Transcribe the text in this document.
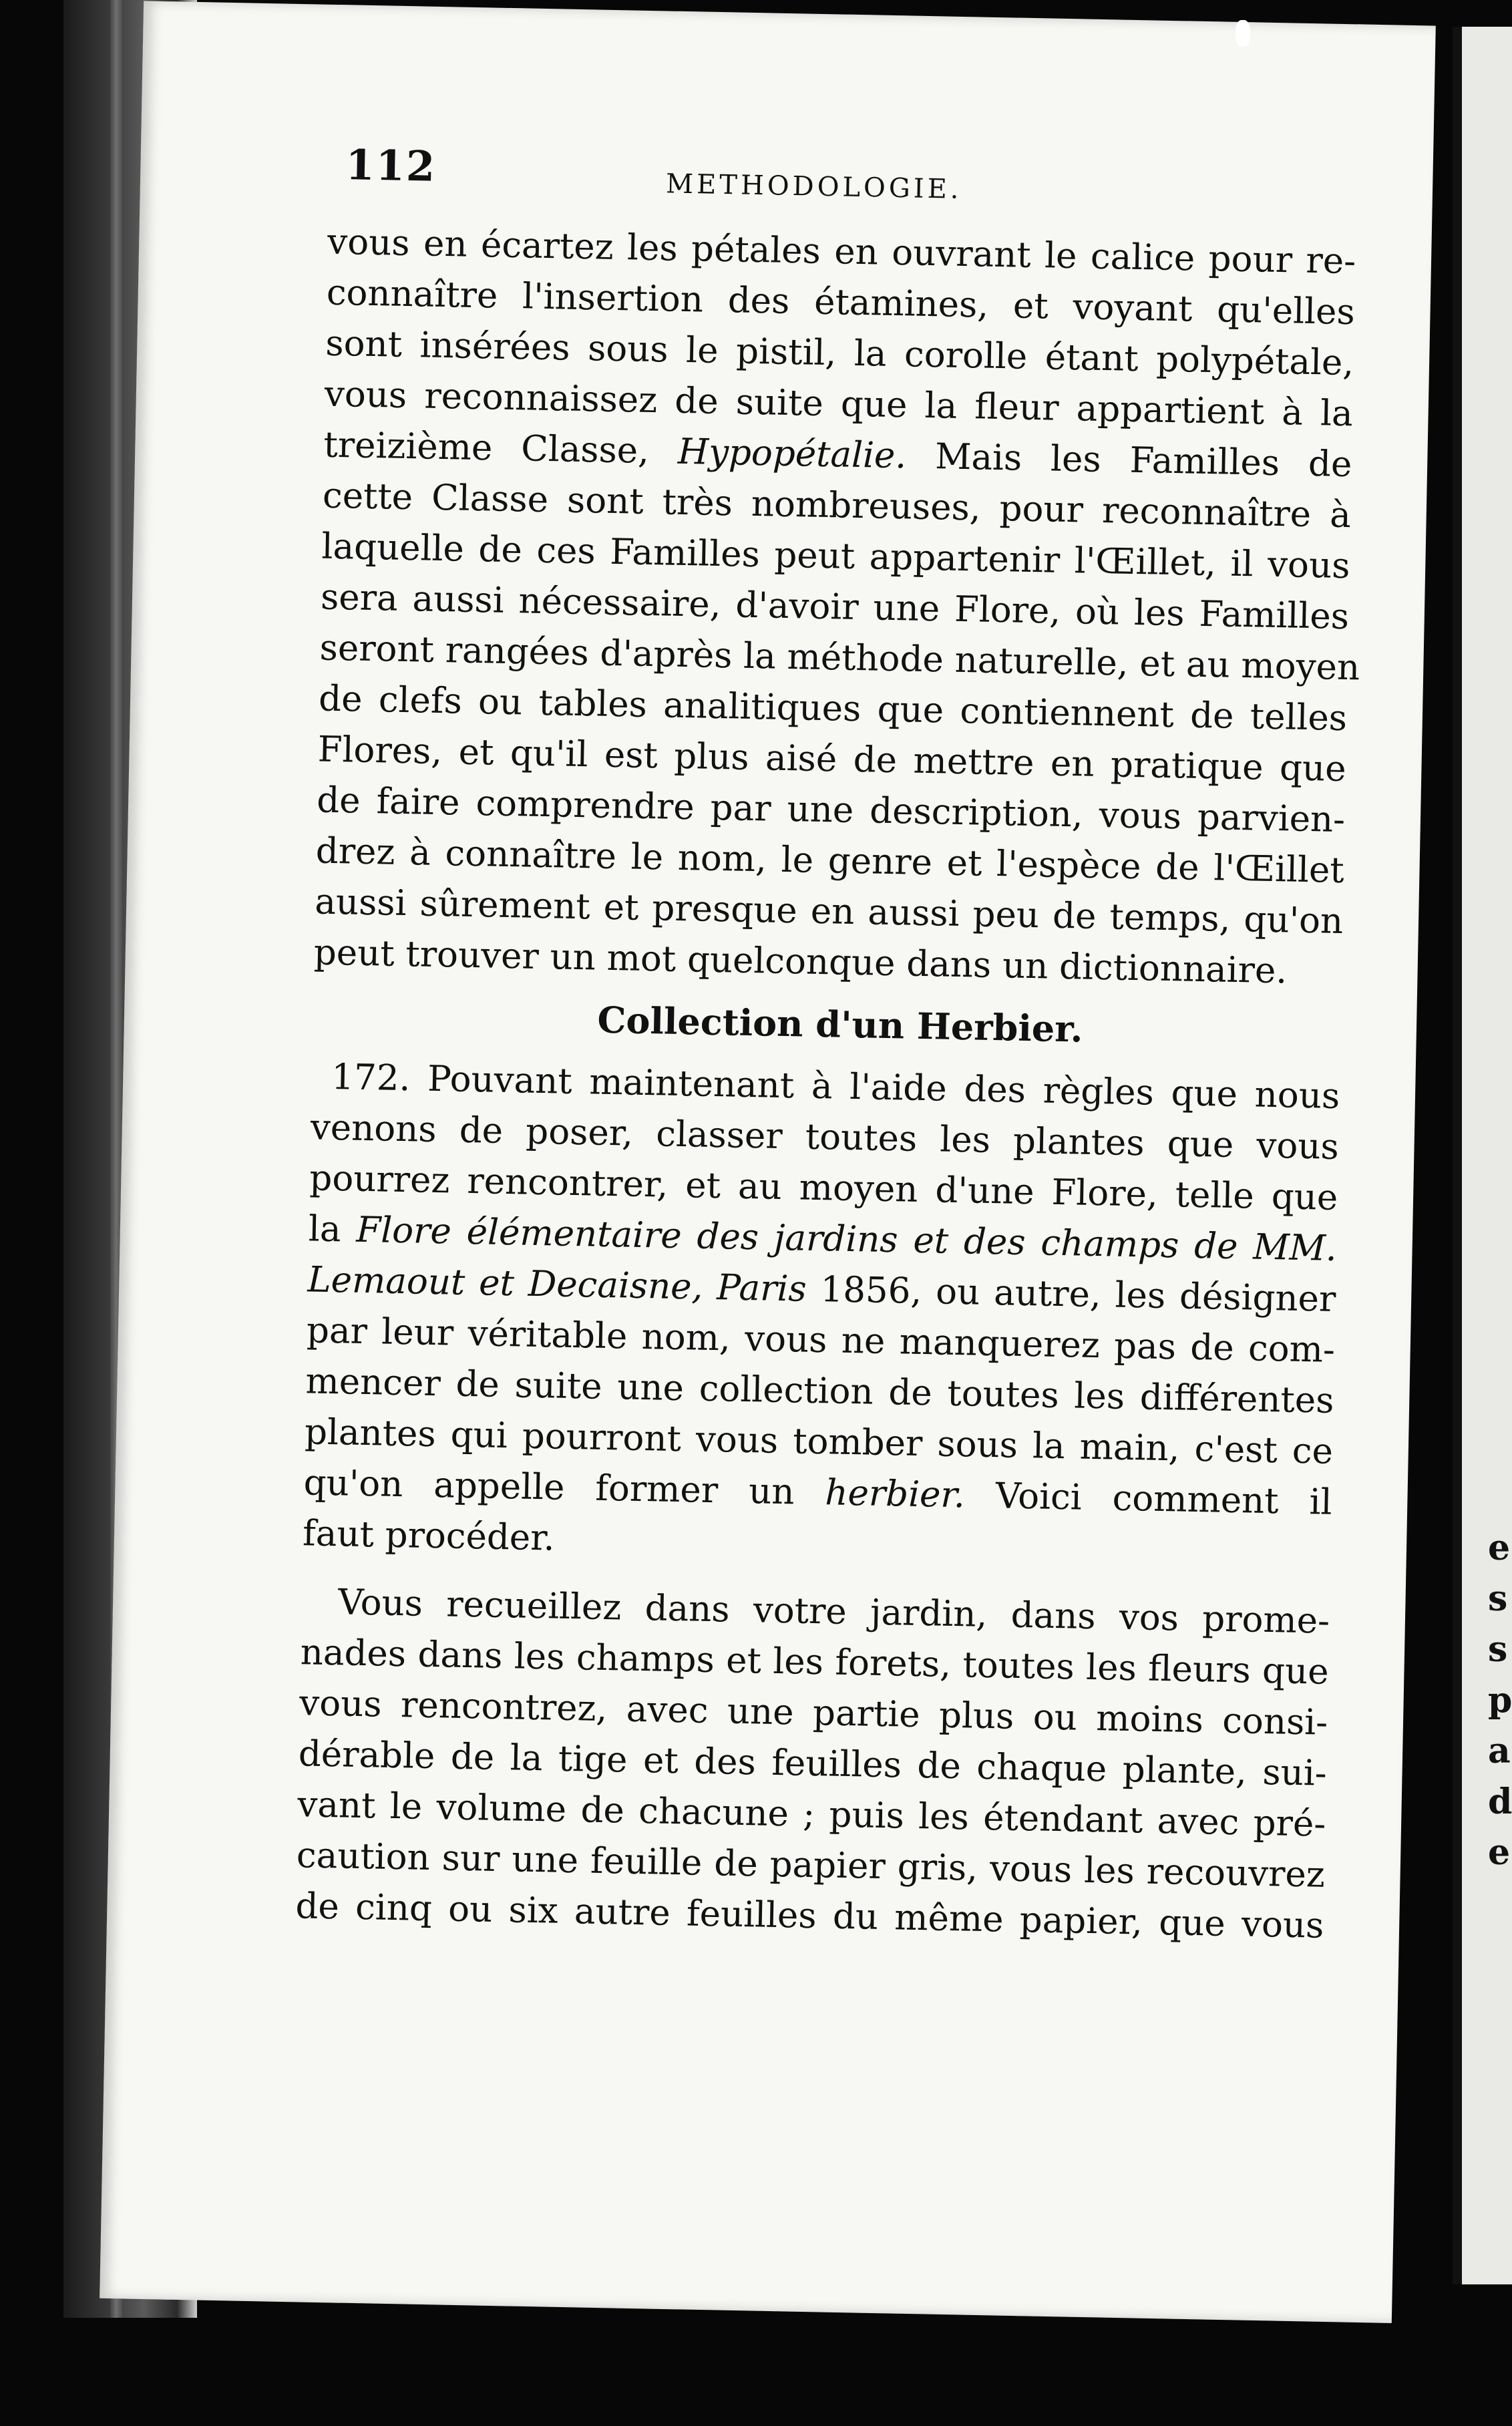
e
s
s
p
a
d
e
112	METHODOLOGIE.
vous en écartez les pétales en ouvrant le calice pour re-
connaître l'insertion des étamines, et voyant qu'elles
sont insérées sous le pistil, la corolle étant polypétale,
vous reconnaissez de suite que la fleur appartient à la
treizième Classe, Hypopétalie. Mais les Familles de
cette Classe sont très nombreuses, pour reconnaître à
laquelle de ces Familles peut appartenir l'Œillet, il vous
sera aussi nécessaire, d'avoir une Flore, où les Familles
seront rangées d'après la méthode naturelle, et au moyen
de clefs ou tables analitiques que contiennent de telles
Flores, et qu'il est plus aisé de mettre en pratique que
de faire comprendre par une description, vous parvien-
drez à connaître le nom, le genre et l'espèce de l'Œillet
aussi sûrement et presque en aussi peu de temps, qu'on
peut trouver un mot quelconque dans un dictionnaire.
Collection d'un Herbier.
172. Pouvant maintenant à l'aide des règles que nous
venons de poser, classer toutes les plantes que vous
pourrez rencontrer, et au moyen d'une Flore, telle que
la Flore élémentaire des jardins et des champs de MM.
Lemaout et Decaisne, Paris 1856, ou autre, les désigner
par leur véritable nom, vous ne manquerez pas de com-
mencer de suite une collection de toutes les différentes
plantes qui pourront vous tomber sous la main, c'est ce
qu'on appelle former un herbier. Voici comment il
faut procéder.
Vous recueillez dans votre jardin, dans vos prome-
nades dans les champs et les forets, toutes les fleurs que
vous rencontrez, avec une partie plus ou moins consi-
dérable de la tige et des feuilles de chaque plante, sui-
vant le volume de chacune ; puis les étendant avec pré-
caution sur une feuille de papier gris, vous les recouvrez
de cinq ou six autre feuilles du même papier, que vous
